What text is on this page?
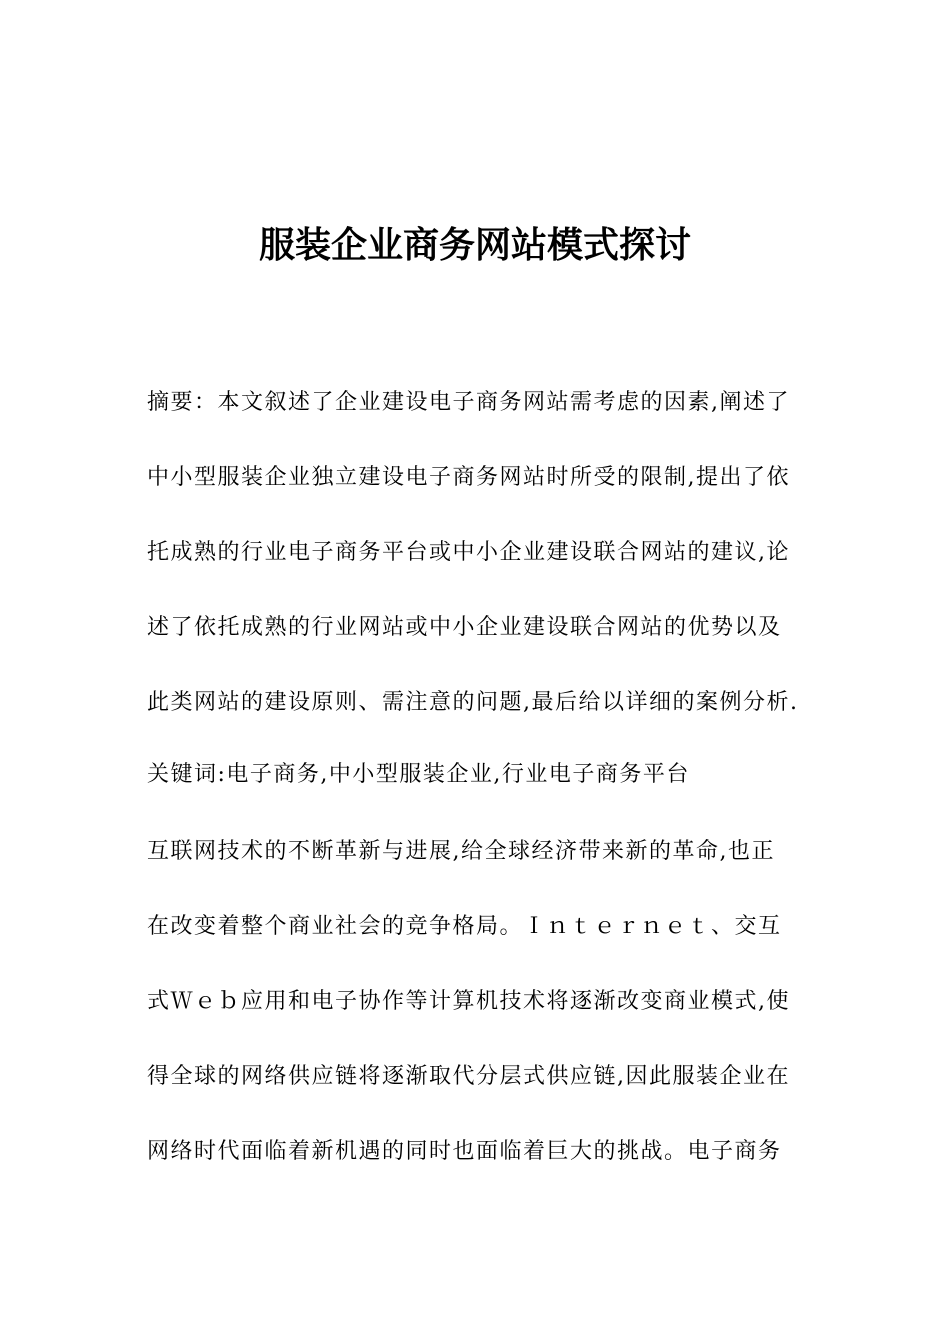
服装企业商务网站模式探讨
摘要：本文叙述了企业建设电子商务网站需考虑的因素,阐述了
中小型服装企业独立建设电子商务网站时所受的限制,提出了依
托成熟的行业电子商务平台或中小企业建设联合网站的建议,论
述了依托成熟的行业网站或中小企业建设联合网站的优势以及
此类网站的建设原则、需注意的问题,最后给以详细的案例分析.
关键词:电子商务,中小型服装企业,行业电子商务平台
互联网技术的不断革新与进展,给全球经济带来新的革命,也正
在改变着整个商业社会的竞争格局。Ｉｎｔｅｒｎｅｔ、交互
式Ｗｅｂ应用和电子协作等计算机技术将逐渐改变商业模式,使
得全球的网络供应链将逐渐取代分层式供应链,因此服装企业在
网络时代面临着新机遇的同时也面临着巨大的挑战。电子商务
